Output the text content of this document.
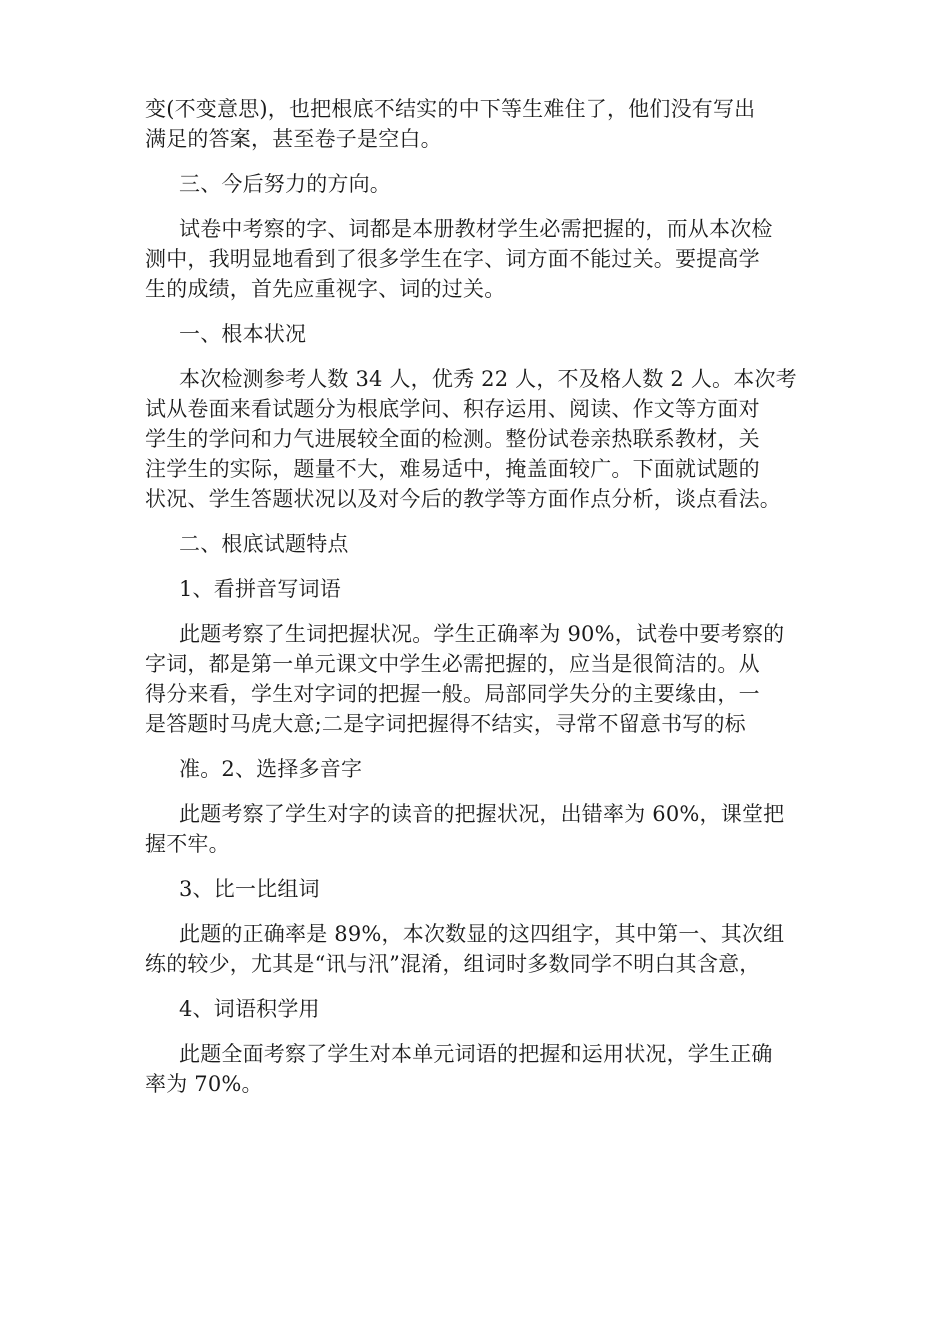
变(不变意思)，也把根底不结实的中下等生难住了，他们没有写出
满足的答案，甚至卷子是空白。
三、今后努力的方向。
试卷中考察的字、词都是本册教材学生必需把握的，而从本次检
测中，我明显地看到了很多学生在字、词方面不能过关。要提高学
生的成绩，首先应重视字、词的过关。
一、根本状况
本次检测参考人数 34 人，优秀 22 人，不及格人数 2 人。本次考
试从卷面来看试题分为根底学问、积存运用、阅读、作文等方面对
学生的学问和力气进展较全面的检测。整份试卷亲热联系教材，关
注学生的实际，题量不大，难易适中，掩盖面较广。下面就试题的
状况、学生答题状况以及对今后的教学等方面作点分析，谈点看法。
二、根底试题特点
1、看拼音写词语
此题考察了生词把握状况。学生正确率为 90%，试卷中要考察的
字词，都是第一单元课文中学生必需把握的，应当是很简洁的。从
得分来看，学生对字词的把握一般。局部同学失分的主要缘由，一
是答题时马虎大意;二是字词把握得不结实，寻常不留意书写的标
准。2、选择多音字
此题考察了学生对字的读音的把握状况，出错率为 60%，课堂把
握不牢。
3、比一比组词
此题的正确率是 89%，本次数显的这四组字，其中第一、其次组
练的较少，尤其是“讯与汛”混淆，组词时多数同学不明白其含意，
4、词语积学用
此题全面考察了学生对本单元词语的把握和运用状况，学生正确
率为 70%。
